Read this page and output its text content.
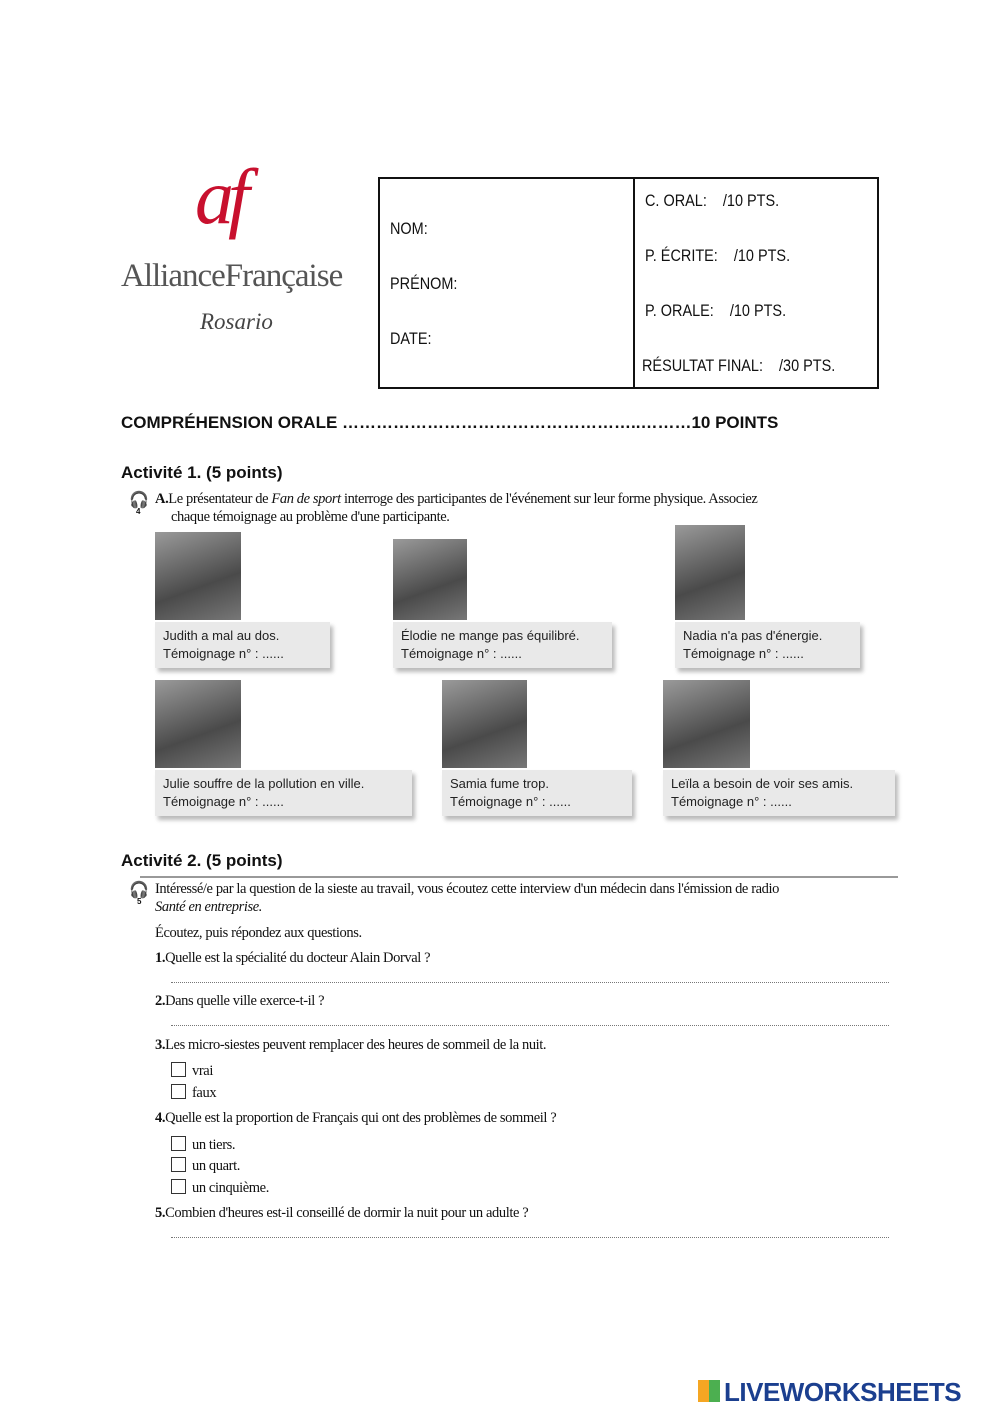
af
AllianceFrançaise
Rosario
NOM:
PRÉNOM:
DATE:
C. ORAL:    /10 PTS.
P. ÉCRITE:    /10 PTS.
P. ORALE:    /10 PTS.
RÉSULTAT FINAL:    /30 PTS.
COMPRÉHENSION ORALE ……………………………………………..………10 POINTS
Activité 1. (5 points)
🎧
4
A.Le présentateur de Fan de sport interroge des participantes de l'événement sur leur forme physique. Associez
chaque témoignage au problème d'une participante.
Judith a mal au dos.
Témoignage n° : ......
Élodie ne mange pas équilibré.
Témoignage n° : ......
Nadia n'a pas d'énergie.
Témoignage n° : ......
Julie souffre de la pollution en ville.
Témoignage n° : ......
Samia fume trop.
Témoignage n° : ......
Leïla a besoin de voir ses amis.
Témoignage n° : ......
Activité 2. (5 points)
🎧
5
Intéressé/e par la question de la sieste au travail, vous écoutez cette interview d'un médecin dans l'émission de radio
Santé en entreprise.
Écoutez, puis répondez aux questions.
1.Quelle est la spécialité du docteur Alain Dorval ?
2.Dans quelle ville exerce-t-il ?
3.Les micro-siestes peuvent remplacer des heures de sommeil de la nuit.
vrai
faux
4.Quelle est la proportion de Français qui ont des problèmes de sommeil ?
un tiers.
un quart.
un cinquième.
5.Combien d'heures est-il conseillé de dormir la nuit pour un adulte ?
LIVEWORKSHEETS
